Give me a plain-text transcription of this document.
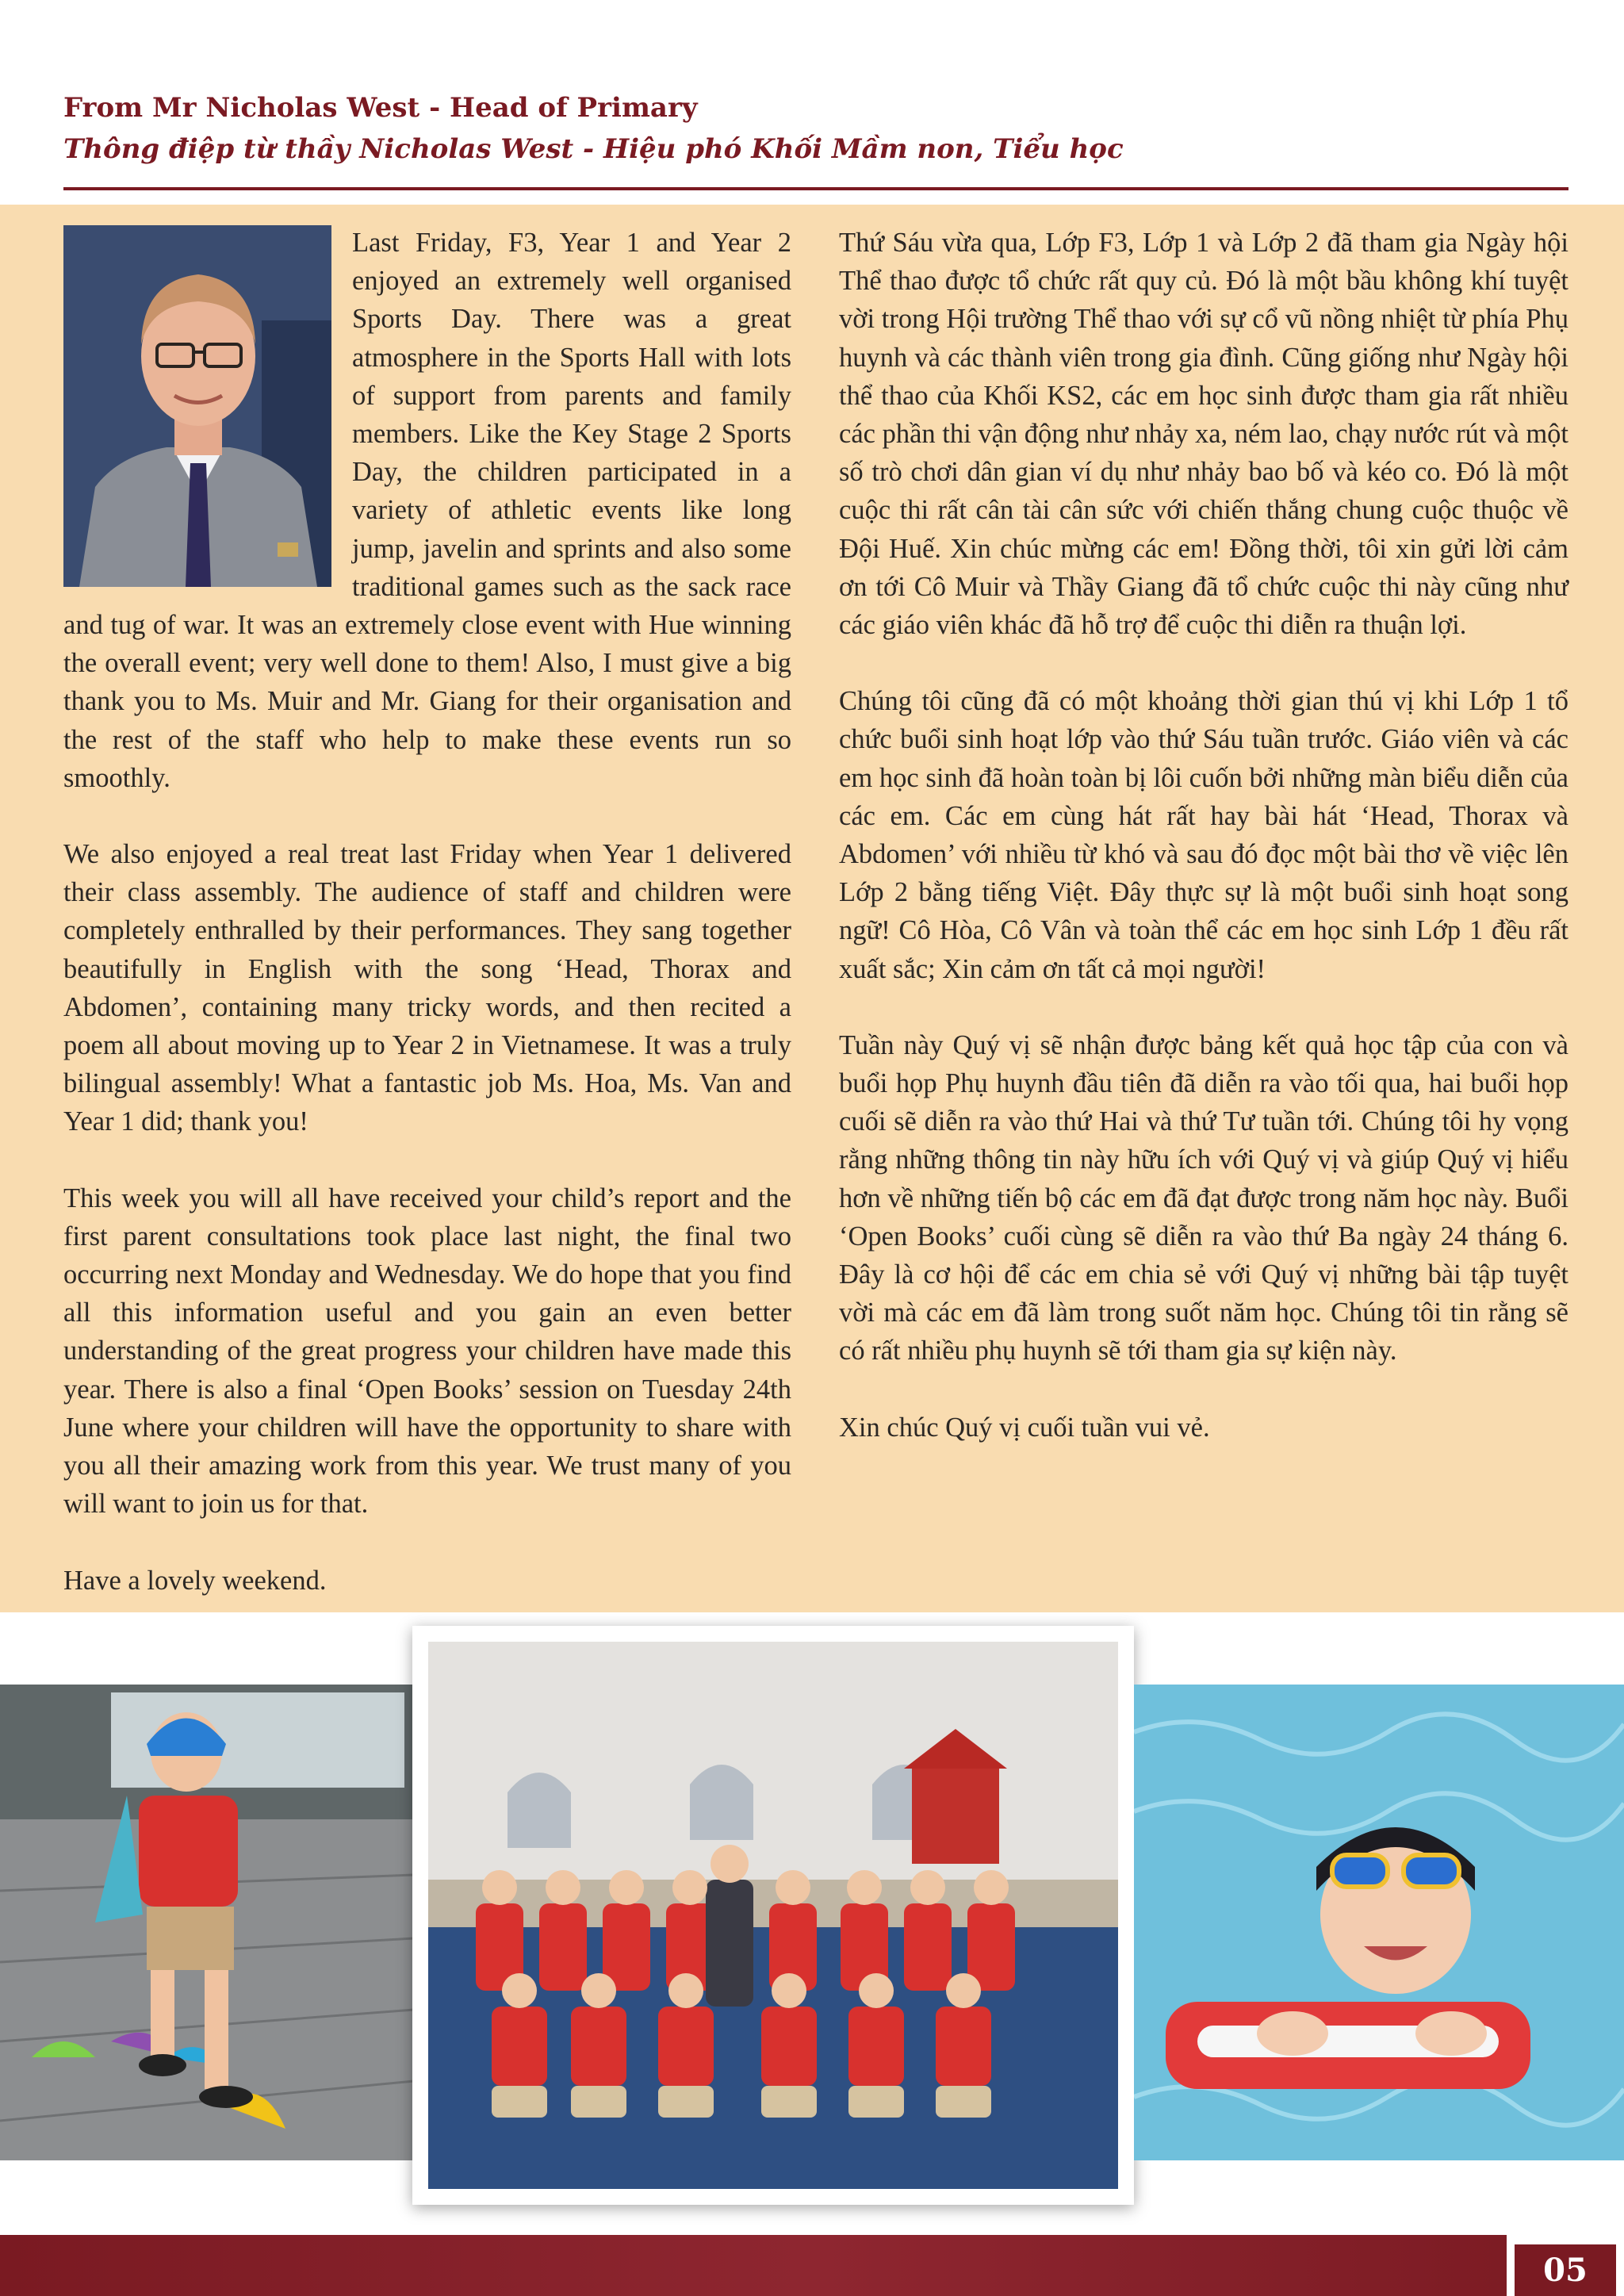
From Mr Nicholas West - Head of Primary
Thông điệp từ thầy Nicholas West - Hiệu phó Khối Mầm non, Tiểu học

Last Friday, F3, Year 1 and Year 2 enjoyed an extremely well organised Sports Day. There was a great atmosphere in the Sports Hall with lots of support from parents and family members. Like the Key Stage 2 Sports Day, the children participated in a variety of athletic events like long jump, javelin and sprints and also some traditional games such as the sack race and tug of war. It was an extremely close event with Hue winning the overall event; very well done to them! Also, I must give a big thank you to Ms. Muir and Mr. Giang for their organisation and the rest of the staff who help to make these events run so smoothly.

We also enjoyed a real treat last Friday when Year 1 delivered their class assembly. The audience of staff and children were completely enthralled by their performances. They sang together beautifully in English with the song ‘Head, Thorax and Abdomen’, containing many tricky words, and then recited a poem all about moving up to Year 2 in Vietnamese. It was a truly bilingual assembly! What a fantastic job Ms. Hoa, Ms. Van and Year 1 did; thank you!

This week you will all have received your child’s report and the first parent consultations took place last night, the final two occurring next Monday and Wednesday. We do hope that you find all this information useful and you gain an even better understanding of the great progress your children have made this year. There is also a final ‘Open Books’ session on Tuesday 24th June where your children will have the opportunity to share with you all their amazing work from this year. We trust many of you will want to join us for that.

Have a lovely weekend.

Thứ Sáu vừa qua, Lớp F3, Lớp 1 và Lớp 2 đã tham gia Ngày hội Thể thao được tổ chức rất quy củ. Đó là một bầu không khí tuyệt vời trong Hội trường Thể thao với sự cổ vũ nồng nhiệt từ phía Phụ huynh và các thành viên trong gia đình. Cũng giống như Ngày hội thể thao của Khối KS2, các em học sinh được tham gia rất nhiều các phần thi vận động như nhảy xa, ném lao, chạy nước rút và một số trò chơi dân gian ví dụ như nhảy bao bố và kéo co. Đó là một cuộc thi rất cân tài cân sức với chiến thắng chung cuộc thuộc về Đội Huế. Xin chúc mừng các em! Đồng thời, tôi xin gửi lời cảm ơn tới Cô Muir và Thầy Giang đã tổ chức cuộc thi này cũng như các giáo viên khác đã hỗ trợ để cuộc thi diễn ra thuận lợi.

Chúng tôi cũng đã có một khoảng thời gian thú vị khi Lớp 1 tổ chức buổi sinh hoạt lớp vào thứ Sáu tuần trước. Giáo viên và các em học sinh đã hoàn toàn bị lôi cuốn bởi những màn biểu diễn của các em. Các em cùng hát rất hay bài hát ‘Head, Thorax và Abdomen’ với nhiều từ khó và sau đó đọc một bài thơ về việc lên Lớp 2 bằng tiếng Việt. Đây thực sự là một buổi sinh hoạt song ngữ! Cô Hòa, Cô Vân và toàn thể các em học sinh Lớp 1 đều rất xuất sắc; Xin cảm ơn tất cả mọi người!

Tuần này Quý vị sẽ nhận được bảng kết quả học tập của con và buổi họp Phụ huynh đầu tiên đã diễn ra vào tối qua, hai buổi họp cuối sẽ diễn ra vào thứ Hai và thứ Tư tuần tới. Chúng tôi hy vọng rằng những thông tin này hữu ích với Quý vị và giúp Quý vị hiểu hơn về những tiến bộ các em đã đạt được trong năm học này. Buổi ‘Open Books’ cuối cùng sẽ diễn ra vào thứ Ba ngày 24 tháng 6. Đây là cơ hội để các em chia sẻ với Quý vị những bài tập tuyệt vời mà các em đã làm trong suốt năm học. Chúng tôi tin rằng sẽ có rất nhiều phụ huynh sẽ tới tham gia sự kiện này.

Xin chúc Quý vị cuối tuần vui vẻ.

05
